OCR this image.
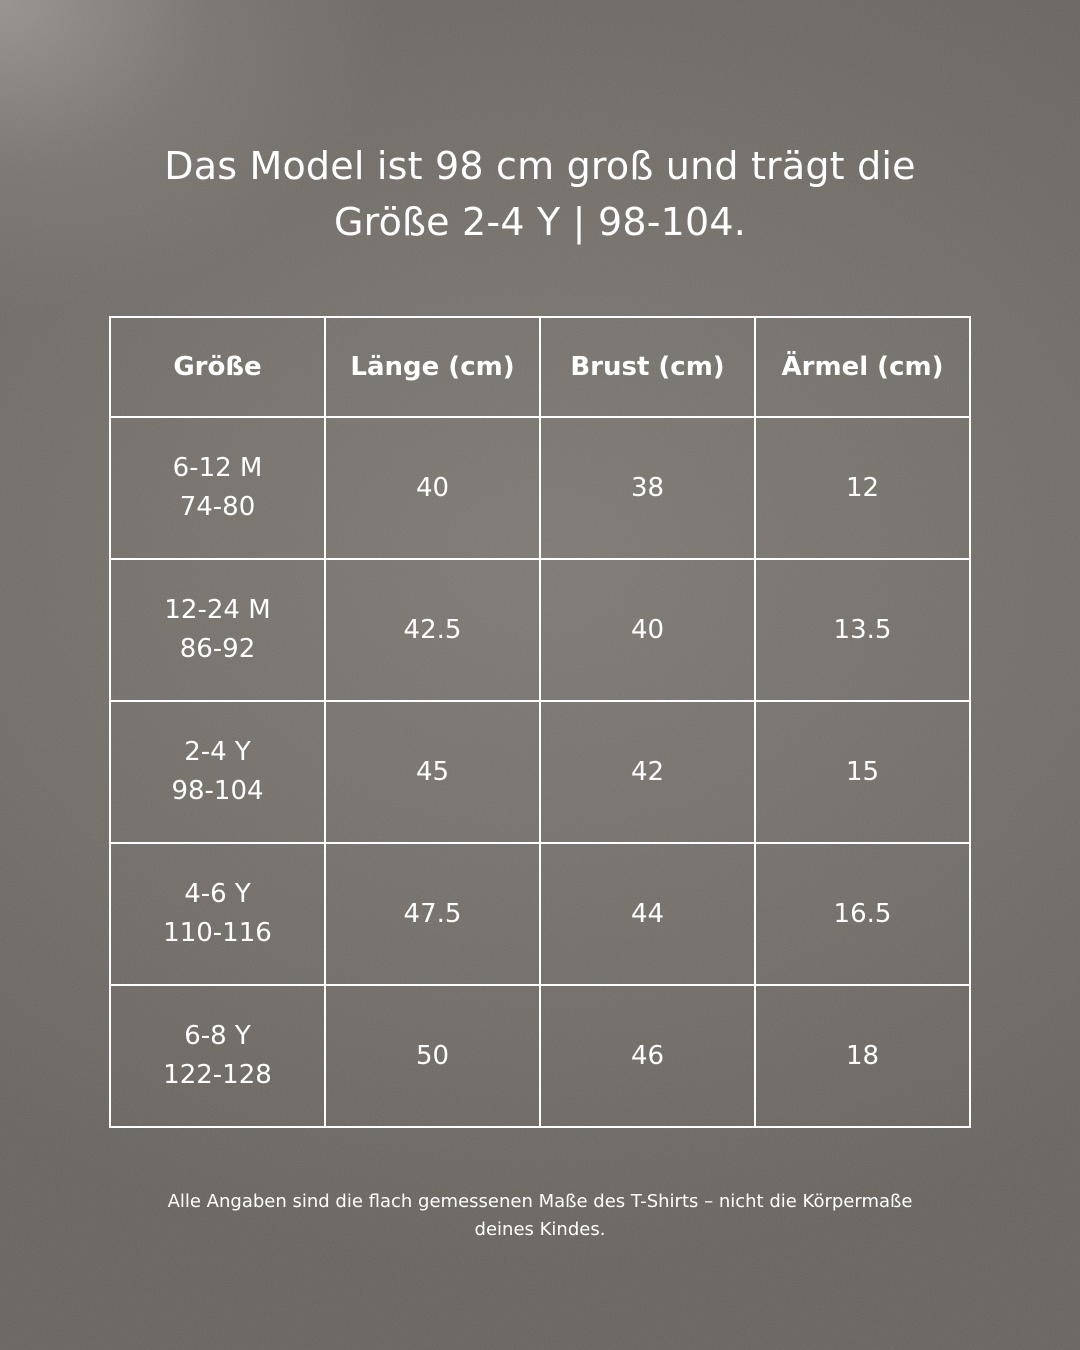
Das Model ist 98 cm groß und trägt die
Größe 2-4 Y | 98-104.
Größe	Länge (cm)	Brust (cm)	Ärmel (cm)

6-12 M
74-80	40	38	12

12-24 M
86-92	42.5	40	13.5

2-4 Y
98-104	45	42	15

4-6 Y
110-116	47.5	44	16.5

6-8 Y
122-128	50	46	18
Alle Angaben sind die flach gemessenen Maße des T-Shirts – nicht die Körpermaße
deines Kindes.
